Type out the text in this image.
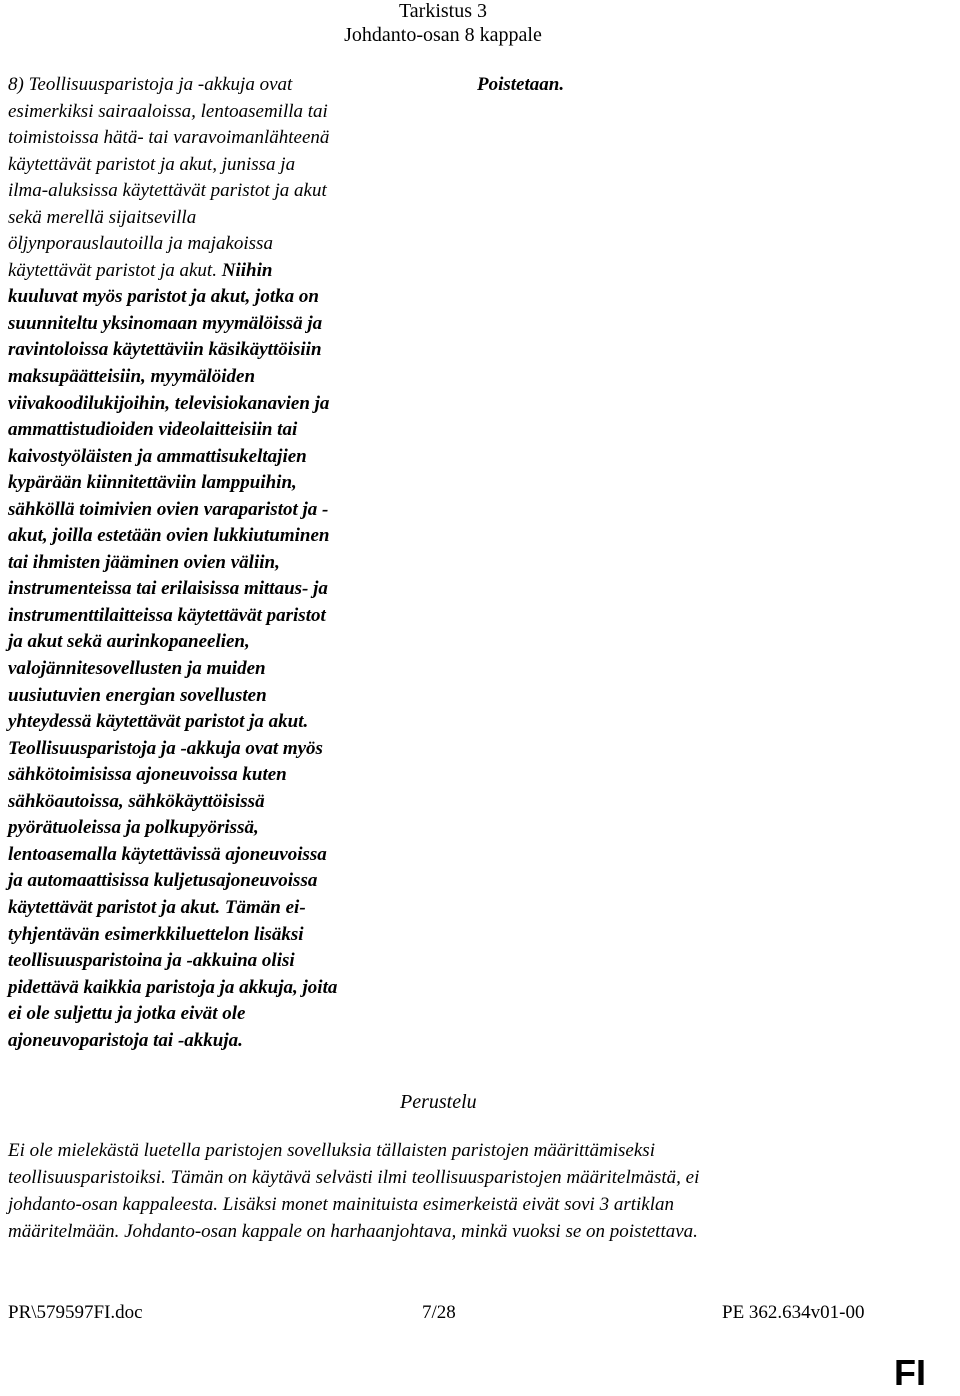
Tarkistus 3
Johdanto-osan 8 kappale
8) Teollisuusparistoja ja -akkuja ovat
esimerkiksi sairaaloissa, lentoasemilla tai
toimistoissa hätä- tai varavoimanlähteenä
käytettävät paristot ja akut, junissa ja
ilma-aluksissa käytettävät paristot ja akut
sekä merellä sijaitsevilla
öljynporauslautoilla ja majakoissa
käytettävät paristot ja akut. Niihin
kuuluvat myös paristot ja akut, jotka on
suunniteltu yksinomaan myymälöissä ja
ravintoloissa käytettäviin käsikäyttöisiin
maksupäätteisiin, myymälöiden
viivakoodilukijoihin, televisiokanavien ja
ammattistudioiden videolaitteisiin tai
kaivostyöläisten ja ammattisukeltajien
kypärään kiinnitettäviin lamppuihin,
sähköllä toimivien ovien varaparistot ja -
akut, joilla estetään ovien lukkiutuminen
tai ihmisten jääminen ovien väliin,
instrumenteissa tai erilaisissa mittaus- ja
instrumenttilaitteissa käytettävät paristot
ja akut sekä aurinkopaneelien,
valojännitesovellusten ja muiden
uusiutuvien energian sovellusten
yhteydessä käytettävät paristot ja akut.
Teollisuusparistoja ja -akkuja ovat myös
sähkötoimisissa ajoneuvoissa kuten
sähköautoissa, sähkökäyttöisissä
pyörätuoleissa ja polkupyörissä,
lentoasemalla käytettävissä ajoneuvoissa
ja automaattisissa kuljetusajoneuvoissa
käytettävät paristot ja akut. Tämän ei-
tyhjentävän esimerkkiluettelon lisäksi
teollisuusparistoina ja -akkuina olisi
pidettävä kaikkia paristoja ja akkuja, joita
ei ole suljettu ja jotka eivät ole
ajoneuvoparistoja tai -akkuja.
Poistetaan.
Perustelu
Ei ole mielekästä luetella paristojen sovelluksia tällaisten paristojen määrittämiseksi
teollisuusparistoiksi. Tämän on käytävä selvästi ilmi teollisuusparistojen määritelmästä, ei
johdanto-osan kappaleesta. Lisäksi monet mainituista esimerkeistä eivät sovi 3 artiklan
määritelmään. Johdanto-osan kappale on harhaanjohtava, minkä vuoksi se on poistettava.
PR\579597FI.doc	7/28	PE 362.634v01-00
FI
